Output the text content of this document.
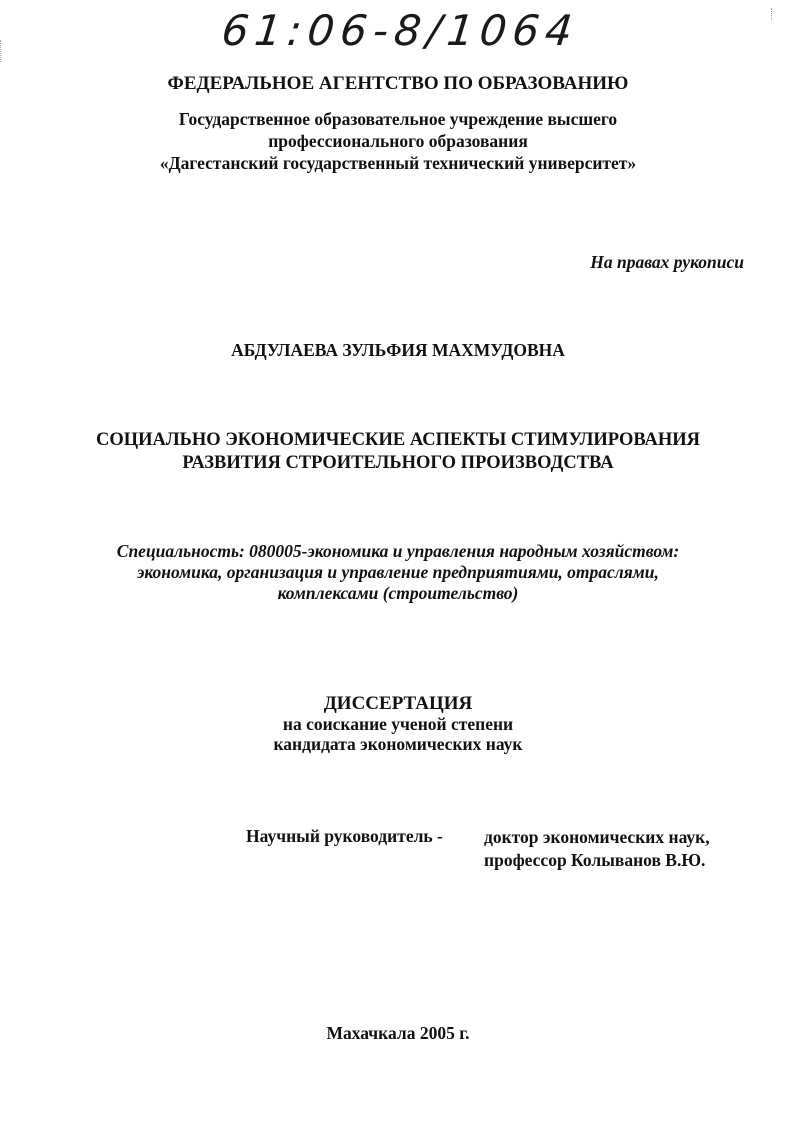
61:06-8/1064
ФЕДЕРАЛЬНОЕ АГЕНТСТВО ПО ОБРАЗОВАНИЮ
Государственное образовательное учреждение высшего
профессионального образования
«Дагестанский государственный технический университет»
На правах рукописи
АБДУЛАЕВА ЗУЛЬФИЯ МАХМУДОВНА
СОЦИАЛЬНО ЭКОНОМИЧЕСКИЕ АСПЕКТЫ СТИМУЛИРОВАНИЯ
РАЗВИТИЯ СТРОИТЕЛЬНОГО ПРОИЗВОДСТВА
Специальность: 080005-экономика и управления народным хозяйством:
экономика, организация и управление предприятиями, отраслями,
комплексами (строительство)
ДИССЕРТАЦИЯ
на соискание ученой степени
кандидата экономических наук
Научный руководитель - доктор экономических наук,
профессор Колыванов В.Ю.
Махачкала 2005 г.
